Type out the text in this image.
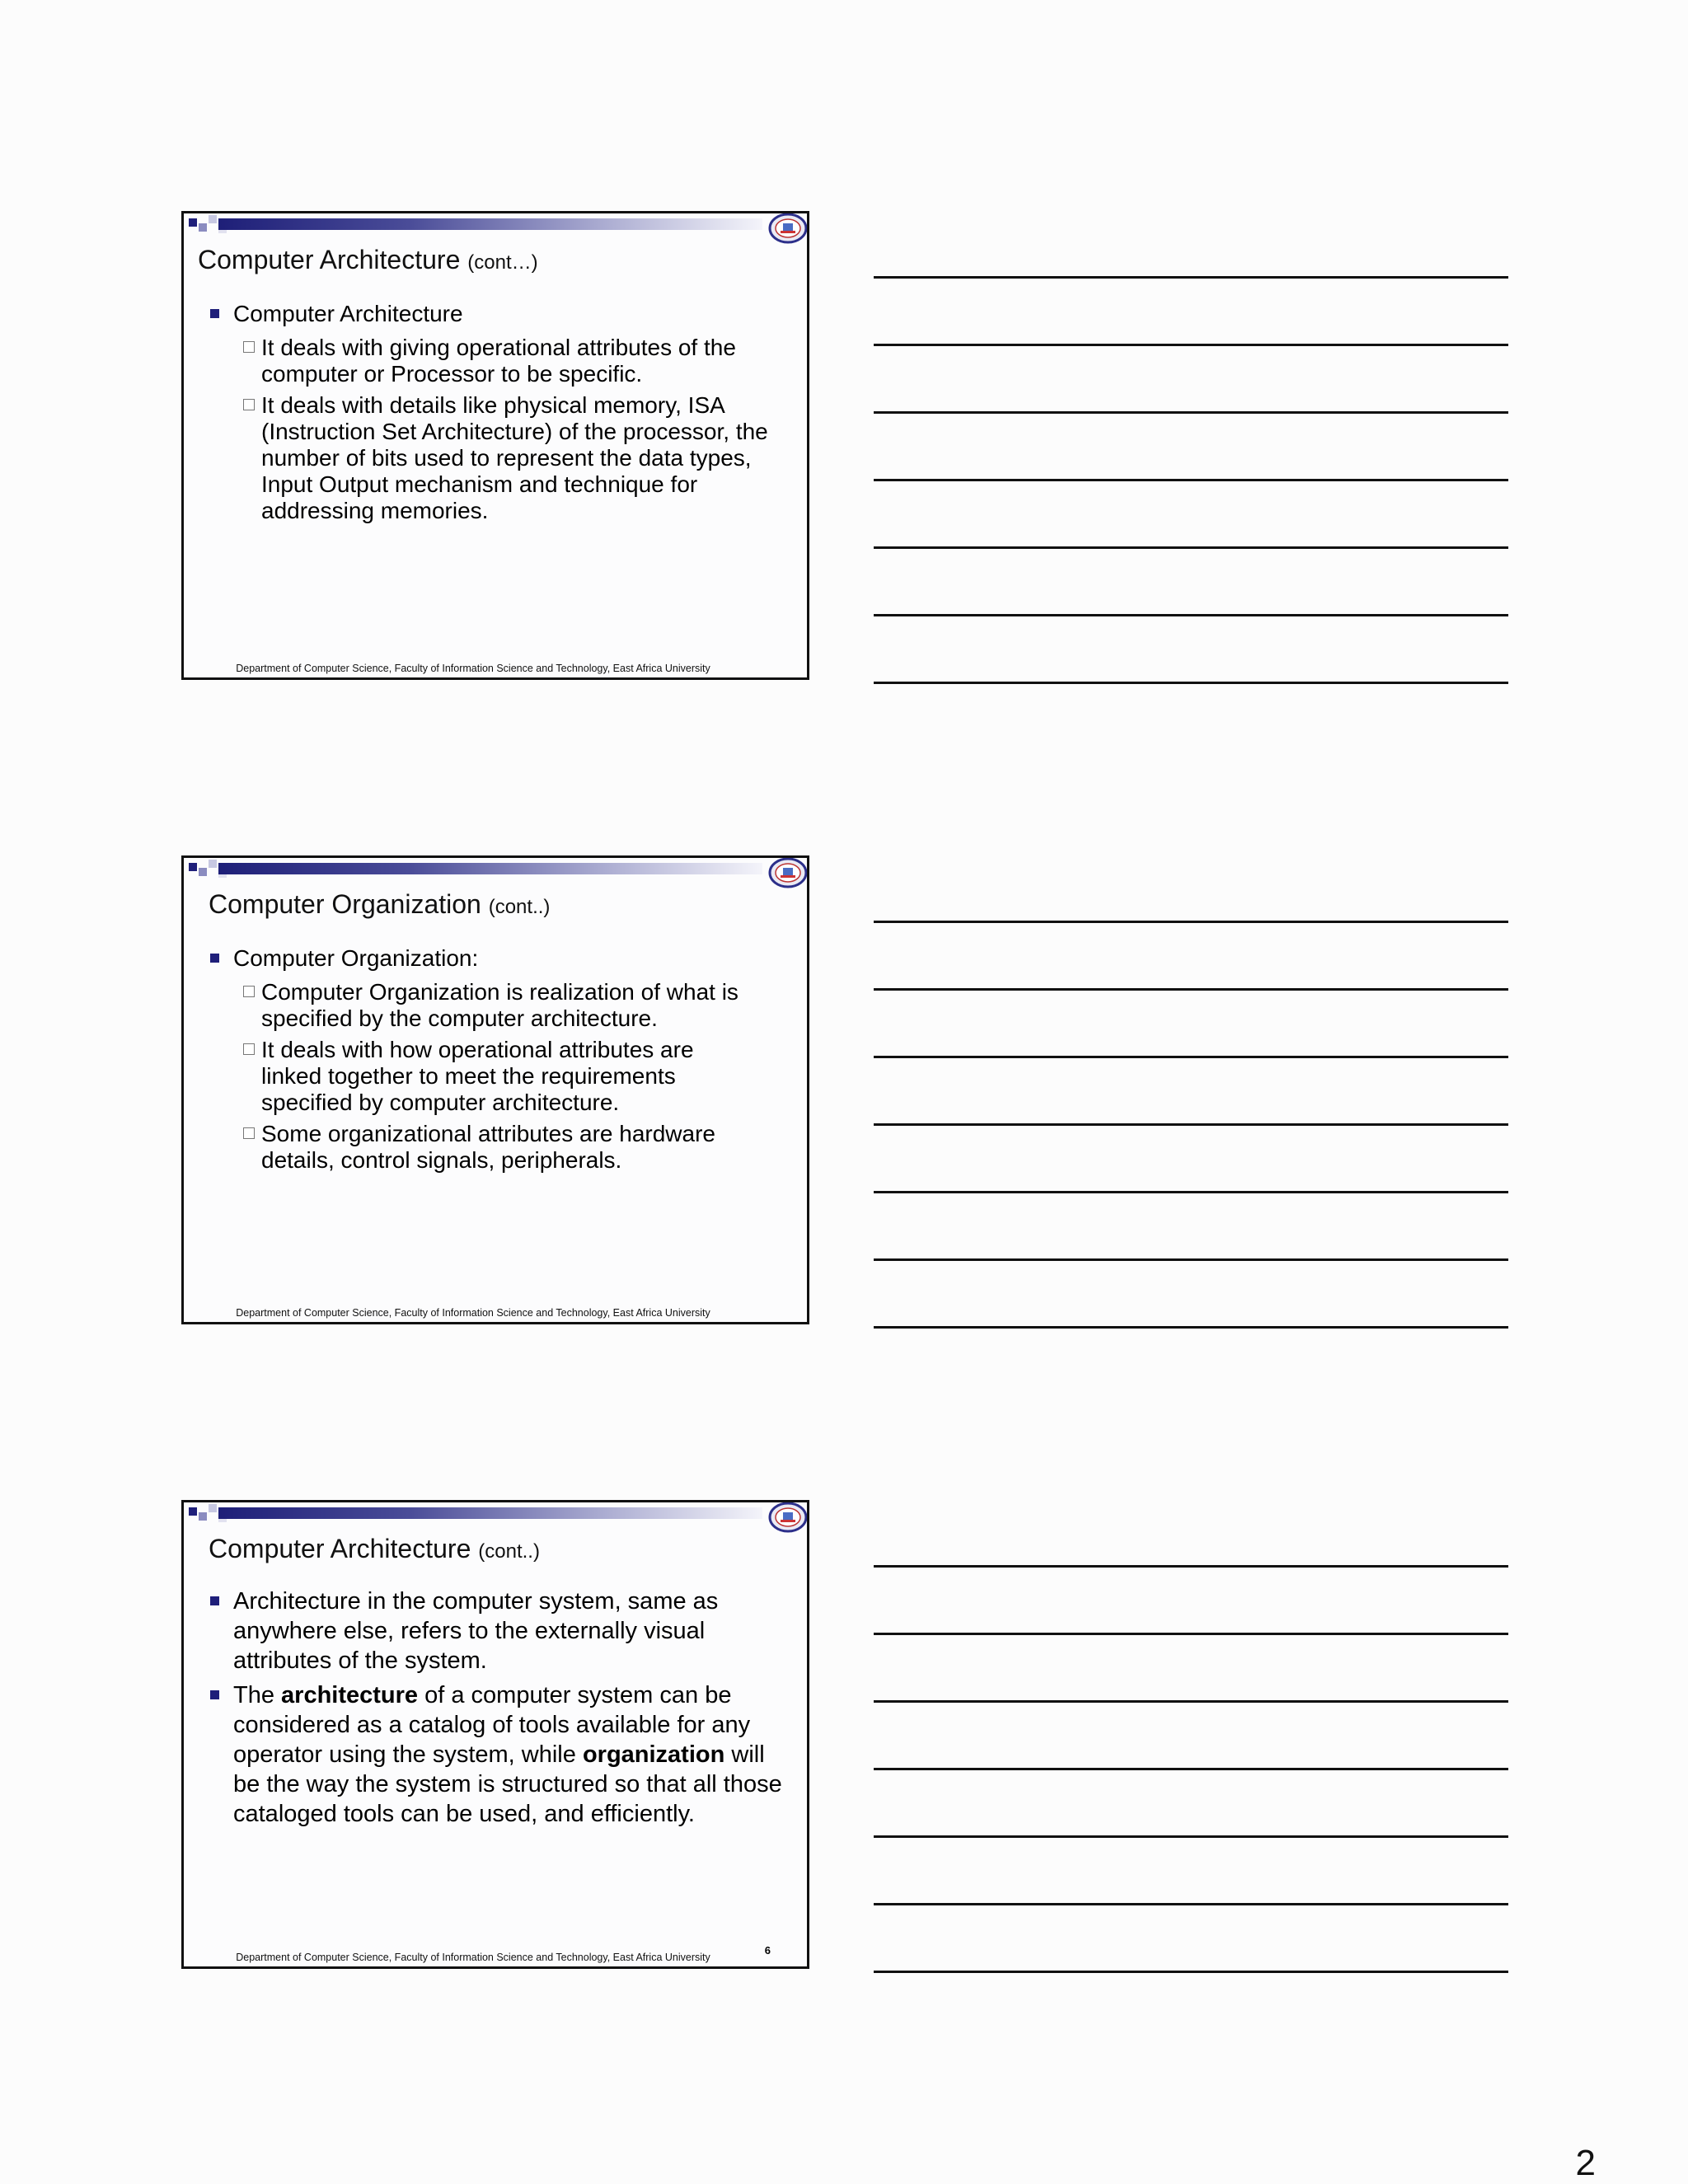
Computer Architecture (cont…)
Computer Architecture
It deals with giving operational attributes of the computer or Processor to be specific.
It deals with details like physical memory, ISA (Instruction Set Architecture) of the processor, the number of bits used to represent the data types, Input Output mechanism and technique for addressing memories.
Department of Computer Science, Faculty of Information Science and Technology, East Africa University
Computer Organization (cont..)
Computer Organization:
Computer Organization is realization of what is specified by the computer architecture.
It deals with how operational attributes are linked together to meet the requirements specified by computer architecture.
Some organizational attributes are hardware details, control signals, peripherals.
Department of Computer Science, Faculty of Information Science and Technology, East Africa University
Computer Architecture (cont..)
Architecture in the computer system, same as anywhere else, refers to the externally visual attributes of the system.
The architecture of a computer system can be considered as a catalog of tools available for any operator using the system, while organization will be the way the system is structured so that all those cataloged tools can be used, and efficiently.
Department of Computer Science, Faculty of Information Science and Technology, East Africa University
6
2
